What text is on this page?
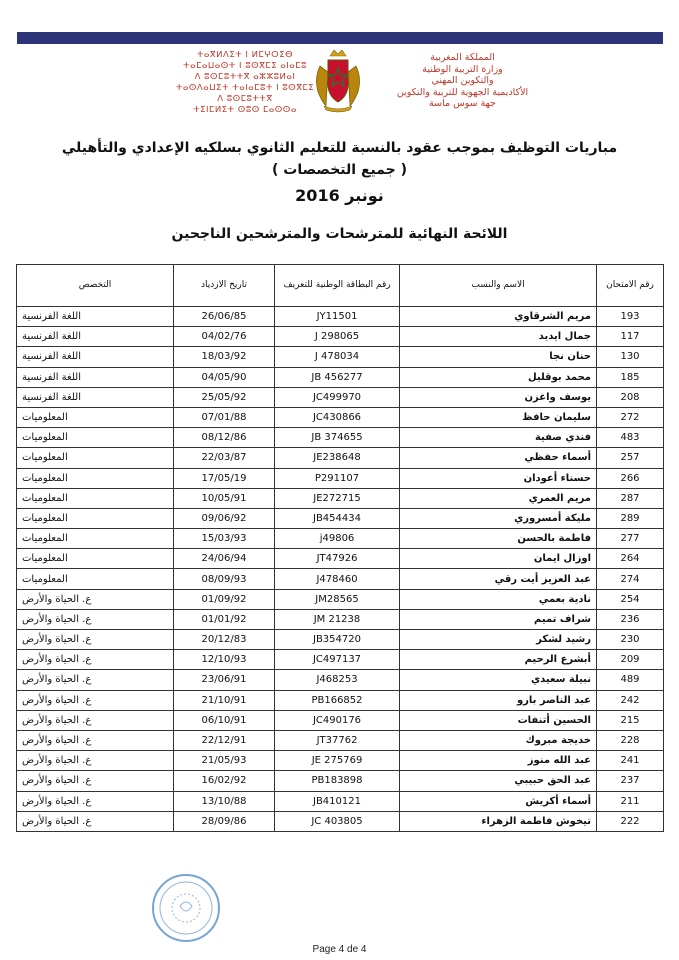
ⵜⴰⴳⵍⴷⵉⵜ ⵏ ⵍⵎⵖⵔⵉⴱ
ⵜⴰⵎⴰⵡⴰⵙⵜ ⵏ ⵓⵙⴳⵎⵉ ⴰⵏⴰⵎⵓ
ⴷ ⵓⵙⵎⵓⵜⵜⴳ ⴰⵣⵣⵓⵍⴰⵏ
ⵜⴰⵙⴷⴰⵡⵉⵜ ⵜⴰⵏⴰⵎⵓⵜ ⵏ ⵓⵙⴳⵎⵉ
ⴷ ⵓⵙⵎⵓⵜⵜⴳ
ⵜⵉⵏⵎⵍⵉⵜ ⵙⵓⵙ ⵎⴰⵙⵙⴰ
المملكة المغربية
وزارة التربية الوطنية
والتكوين المهني
الأكاديمية الجهوية للتربية والتكوين
جهة سوس ماسة
مباريات التوظيف بموجب عقود بالنسبة للتعليم الثانوي بسلكيه الإعدادي والتأهيلي
( جميع التخصصات )
نونبر 2016
اللائحة النهائية للمترشحات والمترشحين الناجحين
رقم الامتحان	الاسم والنسب	رقم البطاقة الوطنية للتعريف	تاريخ الازدياد	التخصص
193	مريم الشرقاوي	JY11501	26/06/85	اللغة الفرنسية
117	جمال ايديد	J 298065	04/02/76	اللغة الفرنسية
130	حنان نجا	J 478034	18/03/92	اللغة الفرنسية
185	محمد بوقليل	JB 456277	04/05/90	اللغة الفرنسية
208	يوسف واغزن	JC499970	25/05/92	اللغة الفرنسية
272	سليمان حافظ	JC430866	07/01/88	المعلوميات
483	فندي صفية	JB 374655	08/12/86	المعلوميات
257	أسماء حفظي	JE238648	22/03/87	المعلوميات
266	حسناء أعودان	P291107	17/05/19	المعلوميات
287	مريم العمري	JE272715	10/05/91	المعلوميات
289	مليكة أمسروري	JB454434	09/06/92	المعلوميات
277	فاطمة بالحسن	j49806	15/03/93	المعلوميات
264	اوزال ايمان	JT47926	24/06/94	المعلوميات
274	عبد العزيز أيت رقي	J478460	08/09/93	المعلوميات
254	نادية بعمي	JM28565	01/09/92	ع. الحياة والأرض
236	شراف تميم	JM 21238	01/01/92	ع. الحياة والأرض
230	رشيد لشكر	JB354720	20/12/83	ع. الحياة والأرض
209	أبشرع الرحيم	JC497137	12/10/93	ع. الحياة والأرض
489	نبيلة سعيدي	J468253	23/06/91	ع. الحياة والأرض
242	عبد الناصر بارو	PB166852	21/10/91	ع. الحياة والأرض
215	الحسين أتنفات	JC490176	06/10/91	ع. الحياة والأرض
228	خديجة مبروك	JT37762	22/12/91	ع. الحياة والأرض
241	عبد الله منوز	JE 275769	21/05/93	ع. الحياة والأرض
237	عبد الحق حبيبي	PB183898	16/02/92	ع. الحياة والأرض
211	أسماء أكريش	JB410121	13/10/88	ع. الحياة والأرض
222	تيخوش فاطمة الزهراء	JC 403805	28/09/86	ع. الحياة والأرض
Page 4 de 4
